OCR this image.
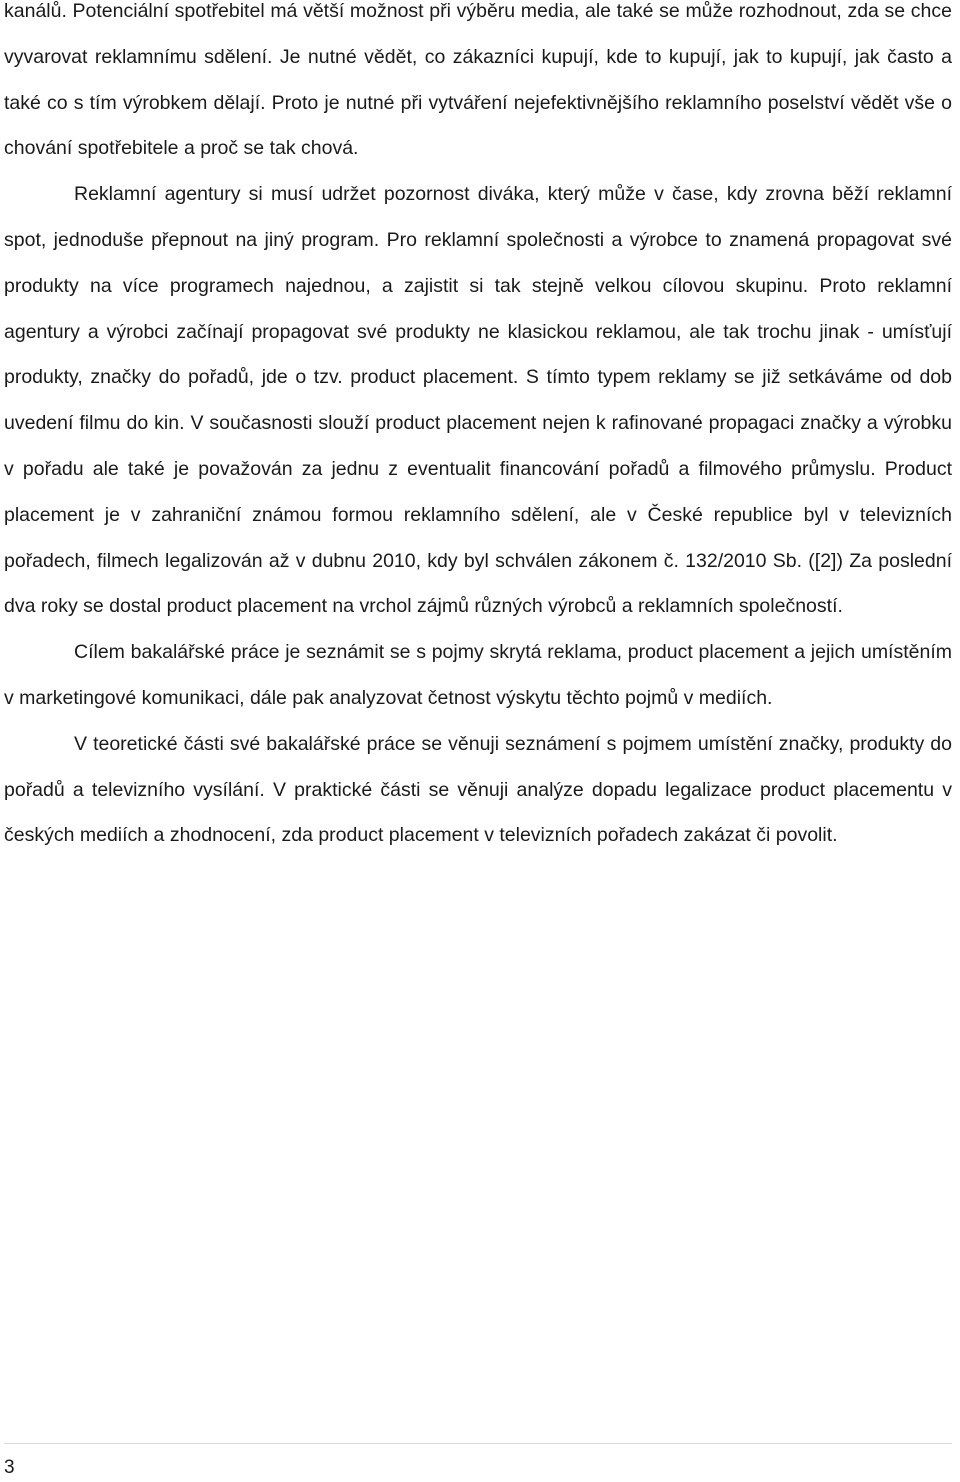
kanálů. Potenciální spotřebitel má větší možnost při výběru media, ale také se může rozhodnout, zda se chce vyvarovat reklamnímu sdělení. Je nutné vědět, co zákazníci kupují, kde to kupují, jak to kupují, jak často a také co s tím výrobkem dělají. Proto je nutné při vytváření nejefektivnějšího reklamního poselství vědět vše o chování spotřebitele a proč se tak chová.

Reklamní agentury si musí udržet pozornost diváka, který může v čase, kdy zrovna běží reklamní spot, jednoduše přepnout na jiný program. Pro reklamní společnosti a výrobce to znamená propagovat své produkty na více programech najednou, a zajistit si tak stejně velkou cílovou skupinu. Proto reklamní agentury a výrobci začínají propagovat své produkty ne klasickou reklamou, ale tak trochu jinak - umísťují produkty, značky do pořadů, jde o tzv. product placement. S tímto typem reklamy se již setkáváme od dob uvedení filmu do kin. V současnosti slouží product placement nejen k rafinované propagaci značky a výrobku v pořadu ale také je považován za jednu z eventualit financování pořadů a filmového průmyslu. Product placement je v zahraniční známou formou reklamního sdělení, ale v České republice byl v televizních pořadech, filmech legalizován až v dubnu 2010, kdy byl schválen zákonem č. 132/2010 Sb. ([2]) Za poslední dva roky se dostal product placement na vrchol zájmů různých výrobců a reklamních společností.

Cílem bakalářské práce je seznámit se s pojmy skrytá reklama, product placement a jejich umístěním v marketingové komunikaci, dále pak analyzovat četnost výskytu těchto pojmů v mediích.

V teoretické části své bakalářské práce se věnuji seznámení s pojmem umístění značky, produkty do pořadů a televizního vysílání. V praktické části se věnuji analýze dopadu legalizace product placementu v českých mediích a zhodnocení, zda product placement v televizních pořadech zakázat či povolit.

3
